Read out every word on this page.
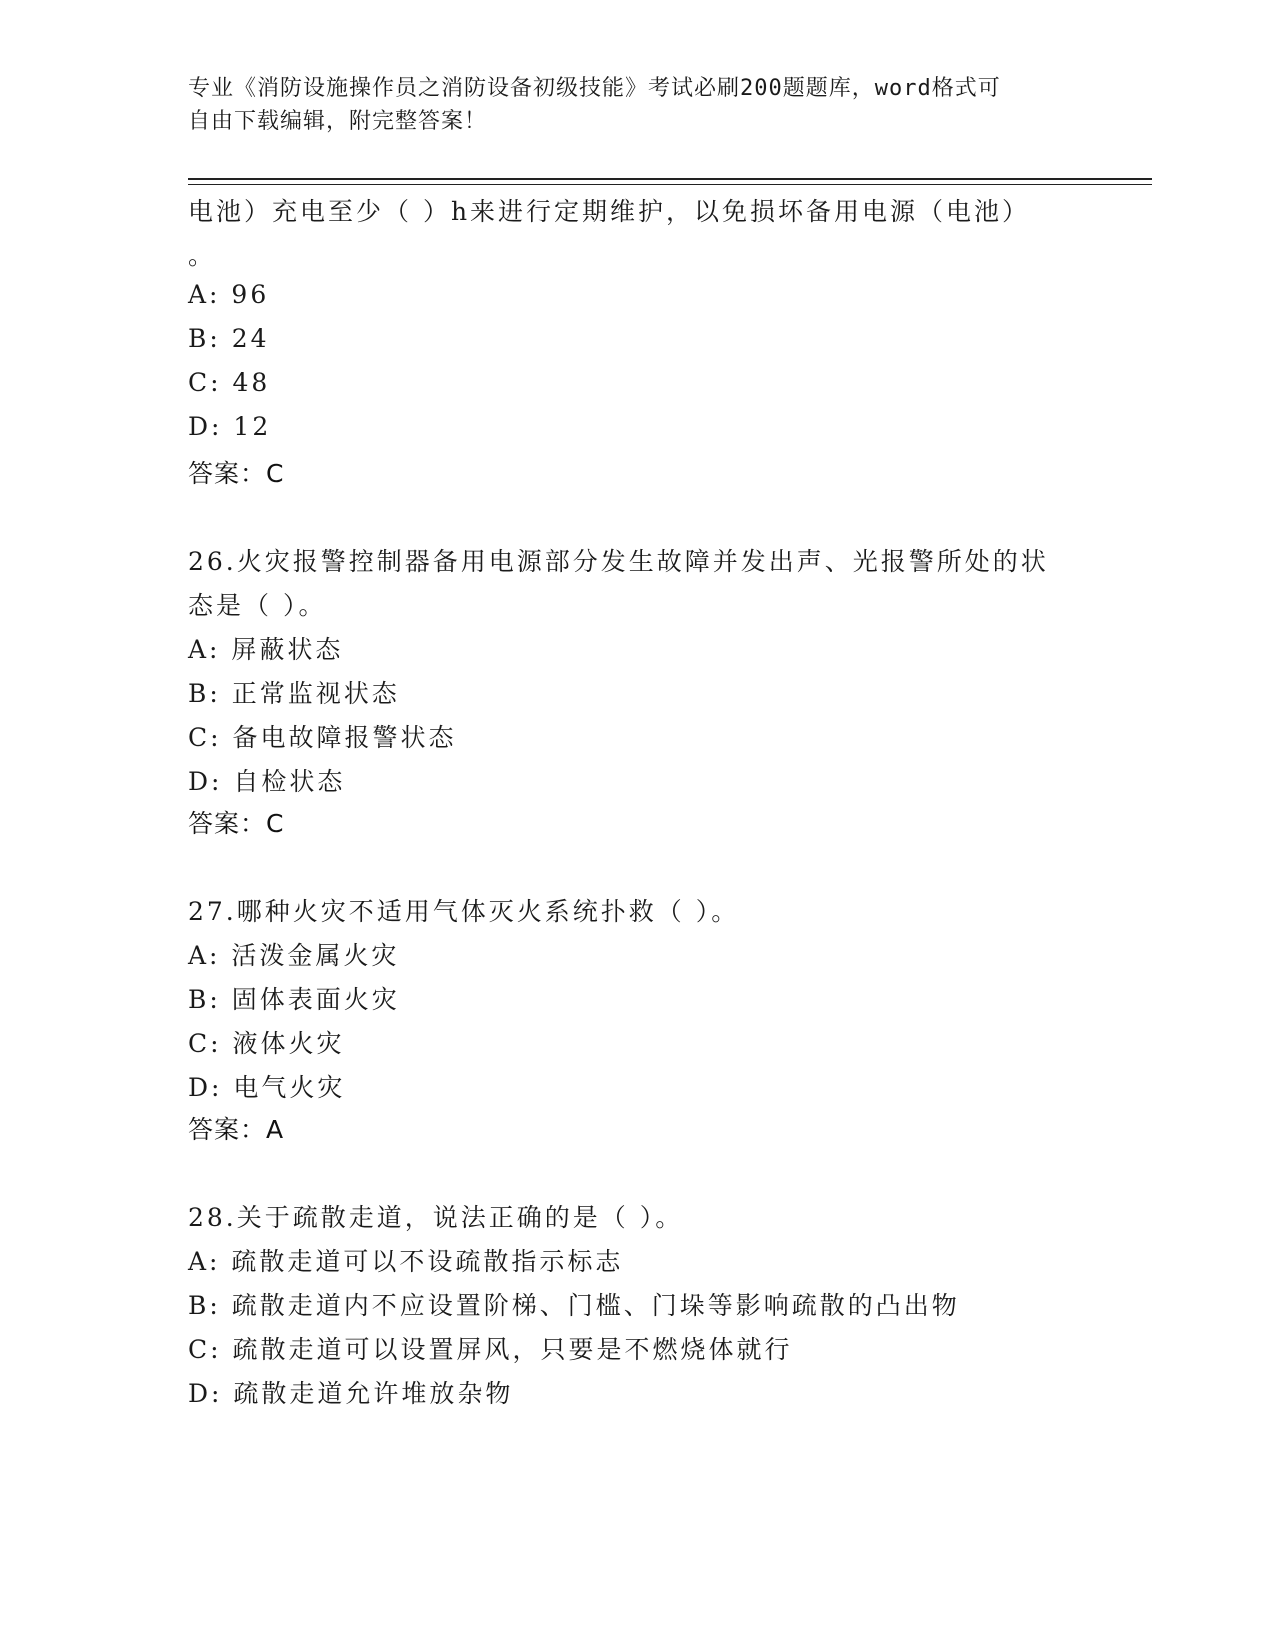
专业《消防设施操作员之消防设备初级技能》考试必刷200题题库，word格式可
自由下载编辑，附完整答案！
电池）充电至少（ ）h来进行定期维护，以免损坏备用电源（电池）
。
A: 96
B: 24
C: 48
D: 12
答案：C
26.火灾报警控制器备用电源部分发生故障并发出声、光报警所处的状
态是（ ）。
A: 屏蔽状态
B: 正常监视状态
C: 备电故障报警状态
D: 自检状态
答案：C
27.哪种火灾不适用气体灭火系统扑救（ ）。
A: 活泼金属火灾
B: 固体表面火灾
C: 液体火灾
D: 电气火灾
答案：A
28.关于疏散走道，说法正确的是（ ）。
A: 疏散走道可以不设疏散指示标志
B: 疏散走道内不应设置阶梯、门槛、门垛等影响疏散的凸出物
C: 疏散走道可以设置屏风，只要是不燃烧体就行
D: 疏散走道允许堆放杂物
